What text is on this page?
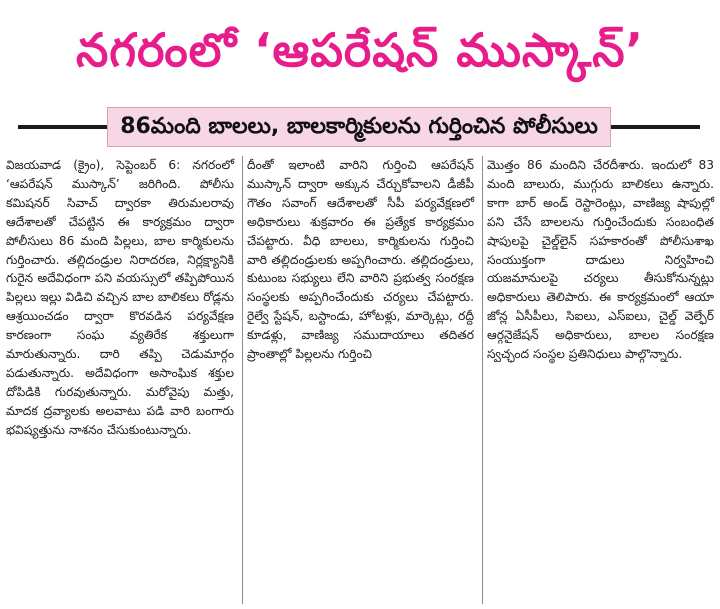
నగరంలో ‘ఆపరేషన్ ముస్కాన్’
86మంది బాలలు, బాలకార్మికులను గుర్తించిన పోలీసులు
విజయవాడ (క్రైం), సెప్టెంబర్ 6: నగరంలో ‘ఆపరేషన్ ముస్కాన్’ జరిగింది. పోలీసు కమిషనర్ సివాచ్ ద్వారకా తిరుమలరావు ఆదేశాలతో చేపట్టిన ఈ కార్యక్రమం ద్వారా పోలీసులు 86 మంది పిల్లలు, బాల కార్మికులను గుర్తించారు. తల్లిదండ్రుల నిరాదరణ, నిర్లక్ష్యానికి గురైన అదేవిధంగా పని వయస్సులో తప్పిపోయిన పిల్లలు ఇల్లు విడిచి వచ్చిన బాల బాలికలు రోడ్లను ఆశ్రయించడం ద్వారా కొరవడిన పర్యవేక్షణ కారణంగా సంఘ వ్యతిరేక శక్తులుగా మారుతున్నారు. దారి తప్పి చెడుమార్గం పడుతున్నారు. అదేవిధంగా అసాంఘిక శక్తుల దోపిడికి గురవుతున్నారు. మరోవైపు మత్తు, మాదక ద్రవ్యాలకు అలవాటు పడి వారి బంగారు భవిష్యత్తును నాశనం చేసుకుంటున్నారు.
దీంతో ఇలాంటి వారిని గుర్తించి ఆపరేషన్ ముస్కాన్ ద్వారా అక్కున చేర్చుకోవాలని డీజీపీ గౌతం సవాంగ్ ఆదేశాలతో సీపీ పర్యవేక్షణలో అధికారులు శుక్రవారం ఈ ప్రత్యేక కార్యక్రమం చేపట్టారు. వీధి బాలలు, కార్మికులను గుర్తించి వారి తల్లిదండ్రులకు అప్పగించారు. తల్లిదండ్రులు, కుటుంబ సభ్యులు లేని వారిని ప్రభుత్వ సంరక్షణ సంస్థలకు అప్పగించేందుకు చర్యలు చేపట్టారు. రైల్వే స్టేషన్, బస్టాండు, హోటళ్లు, మార్కెట్లు, రద్దీ కూడళ్లు, వాణిజ్య సముదాయాలు తదితర ప్రాంతాల్లో పిల్లలను గుర్తించి
మొత్తం 86 మందిని చేరదీశారు. ఇందులో 83 మంది బాలురు, ముగ్గురు బాలికలు ఉన్నారు. కాగా బార్ అండ్ రెస్టారెంట్లు, వాణిజ్య షాపుల్లో పని చేసే బాలలను గుర్తించేందుకు సంబంధిత షాపులపై చైల్డ్‌లైన్ సహకారంతో పోలీసుశాఖ సంయుక్తంగా దాడులు నిర్వహించి యజమానులపై చర్యలు తీసుకోనున్నట్లు అధికారులు తెలిపారు. ఈ కార్యక్రమంలో ఆయా జోన్ల ఏసీపీలు, సిఐలు, ఎస్ఐలు, చైల్డ్ వెల్ఫేర్ ఆర్గనైజేషన్ అధికారులు, బాలల సంరక్షణ స్వచ్ఛంద సంస్థల ప్రతినిధులు పాల్గొన్నారు.
